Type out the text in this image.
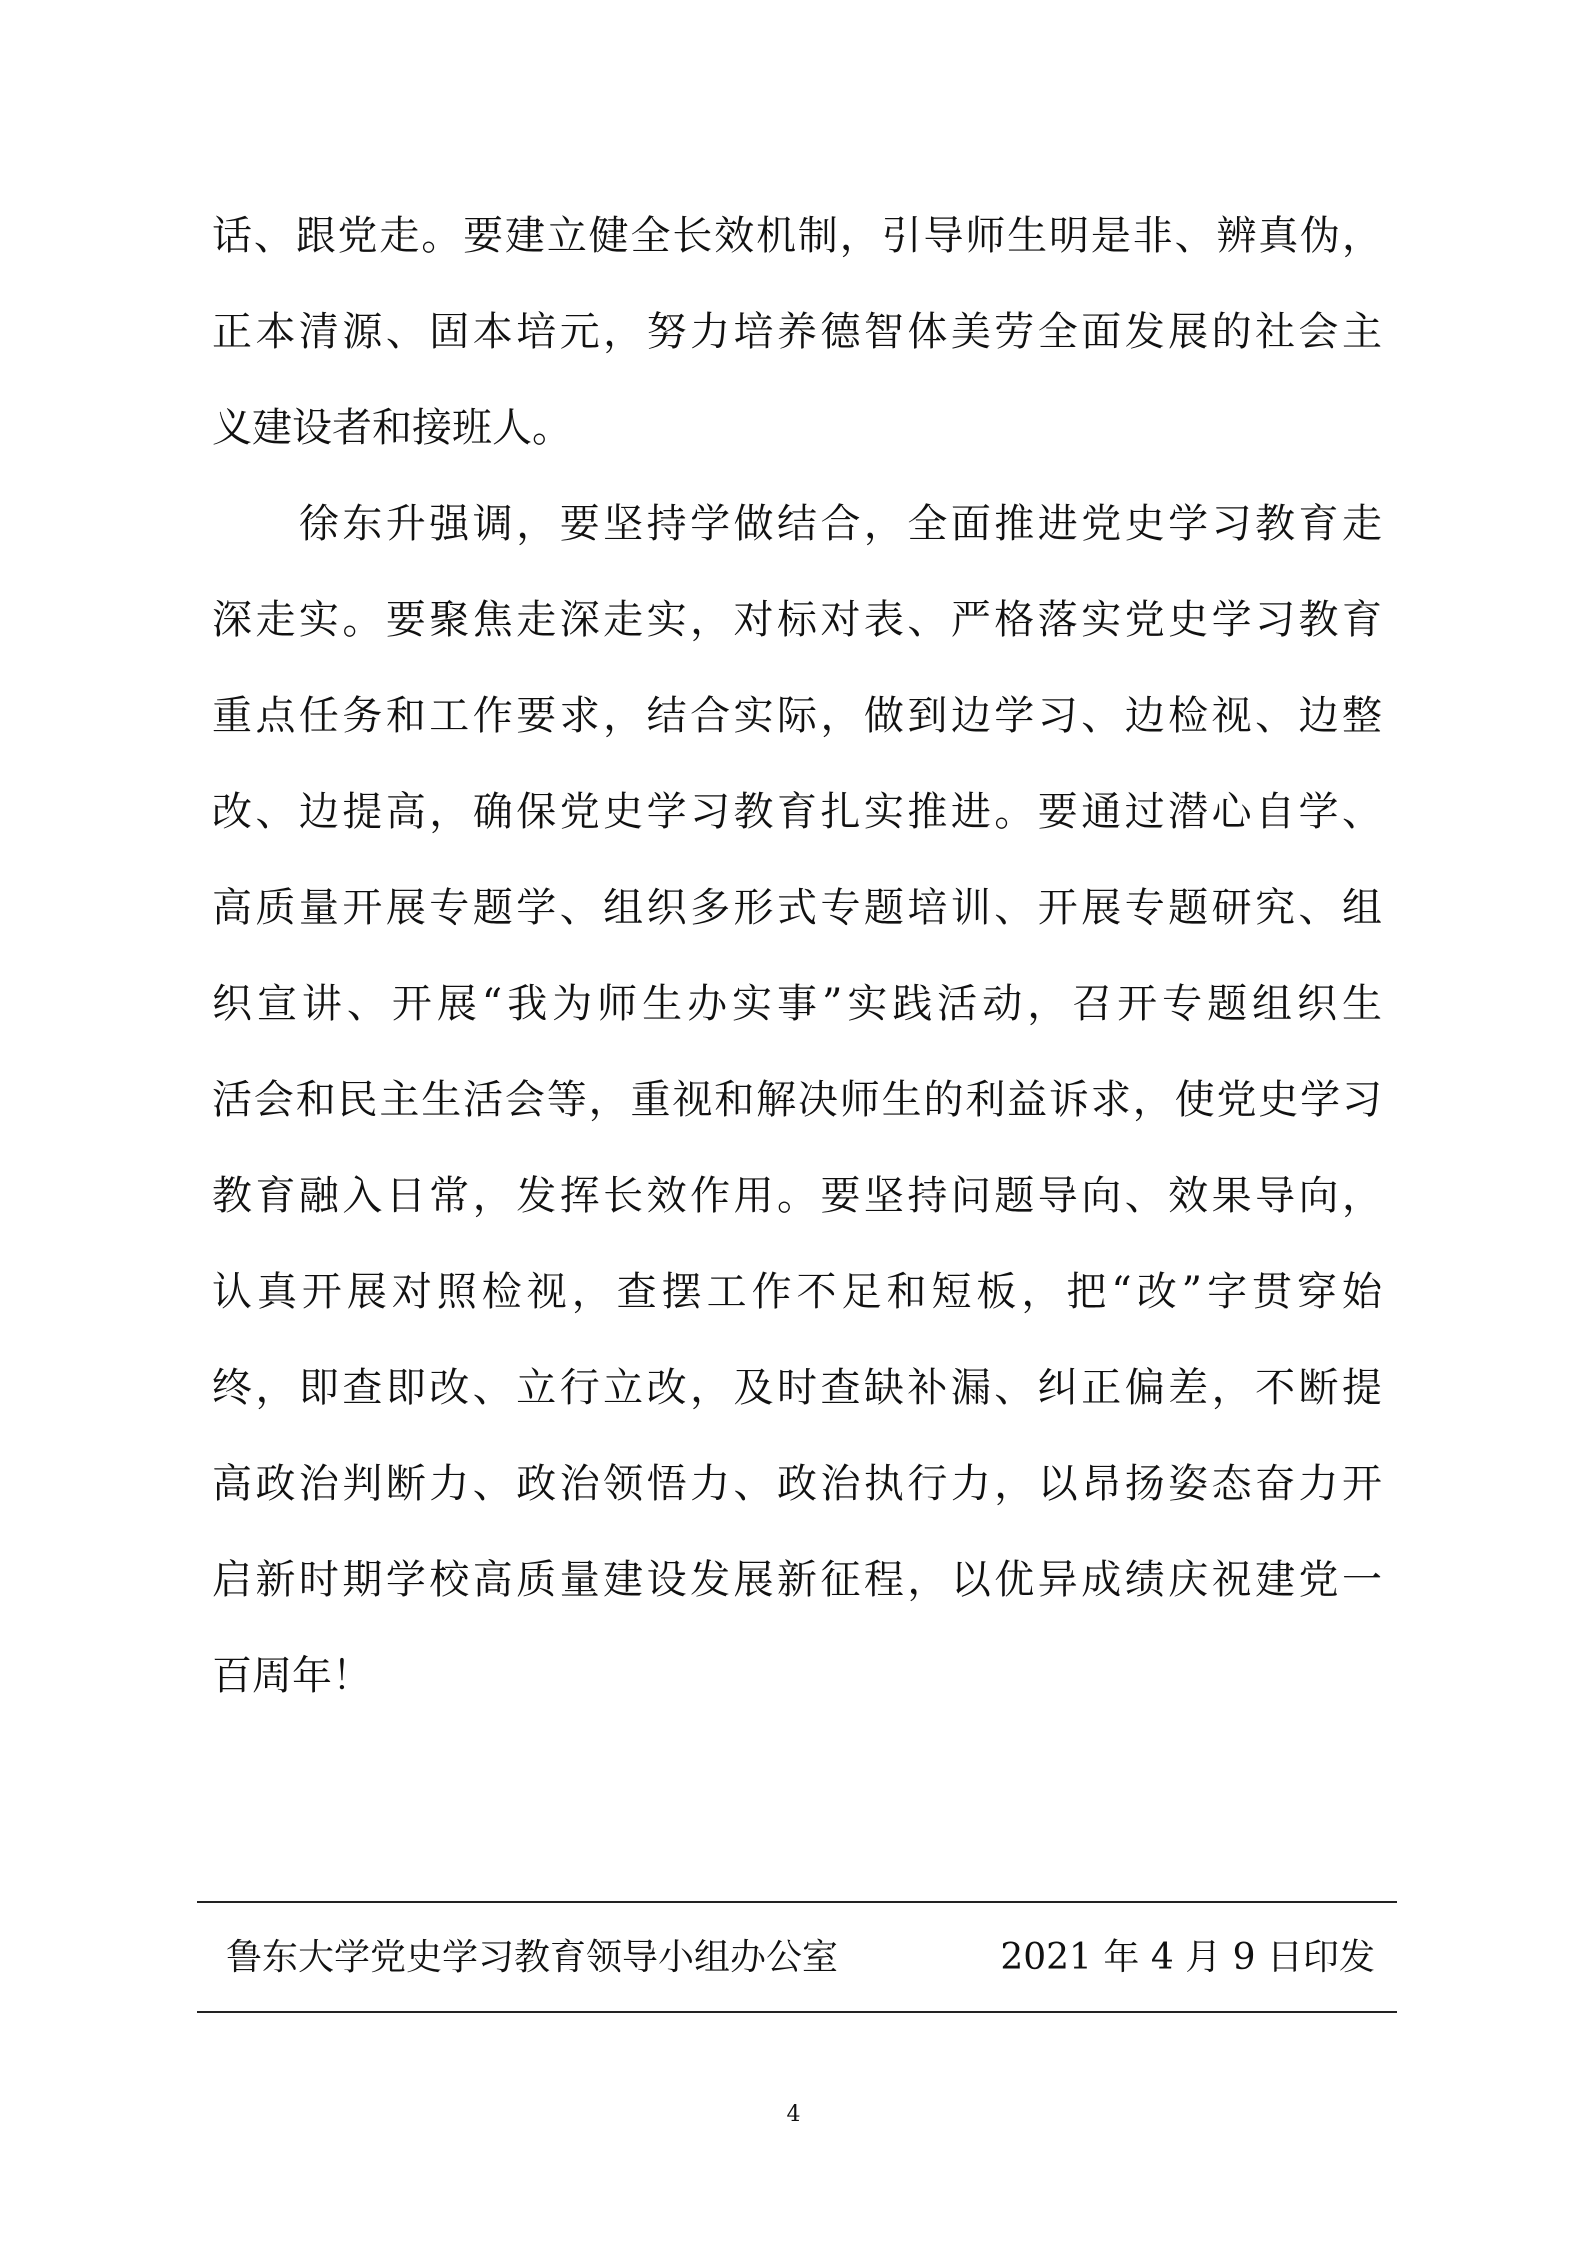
话、跟党走。要建立健全长效机制，引导师生明是非、辨真伪，
正本清源、固本培元，努力培养德智体美劳全面发展的社会主
义建设者和接班人。
　　徐东升强调，要坚持学做结合，全面推进党史学习教育走
深走实。要聚焦走深走实，对标对表、严格落实党史学习教育
重点任务和工作要求，结合实际，做到边学习、边检视、边整
改、边提高，确保党史学习教育扎实推进。要通过潜心自学、
高质量开展专题学、组织多形式专题培训、开展专题研究、组
织宣讲、开展“我为师生办实事”实践活动，召开专题组织生
活会和民主生活会等，重视和解决师生的利益诉求，使党史学习
教育融入日常，发挥长效作用。要坚持问题导向、效果导向，
认真开展对照检视，查摆工作不足和短板，把“改”字贯穿始
终，即查即改、立行立改，及时查缺补漏、纠正偏差，不断提
高政治判断力、政治领悟力、政治执行力，以昂扬姿态奋力开
启新时期学校高质量建设发展新征程，以优异成绩庆祝建党一
百周年！
鲁东大学党史学习教育领导小组办公室	2021 年 4 月 9 日印发
4
